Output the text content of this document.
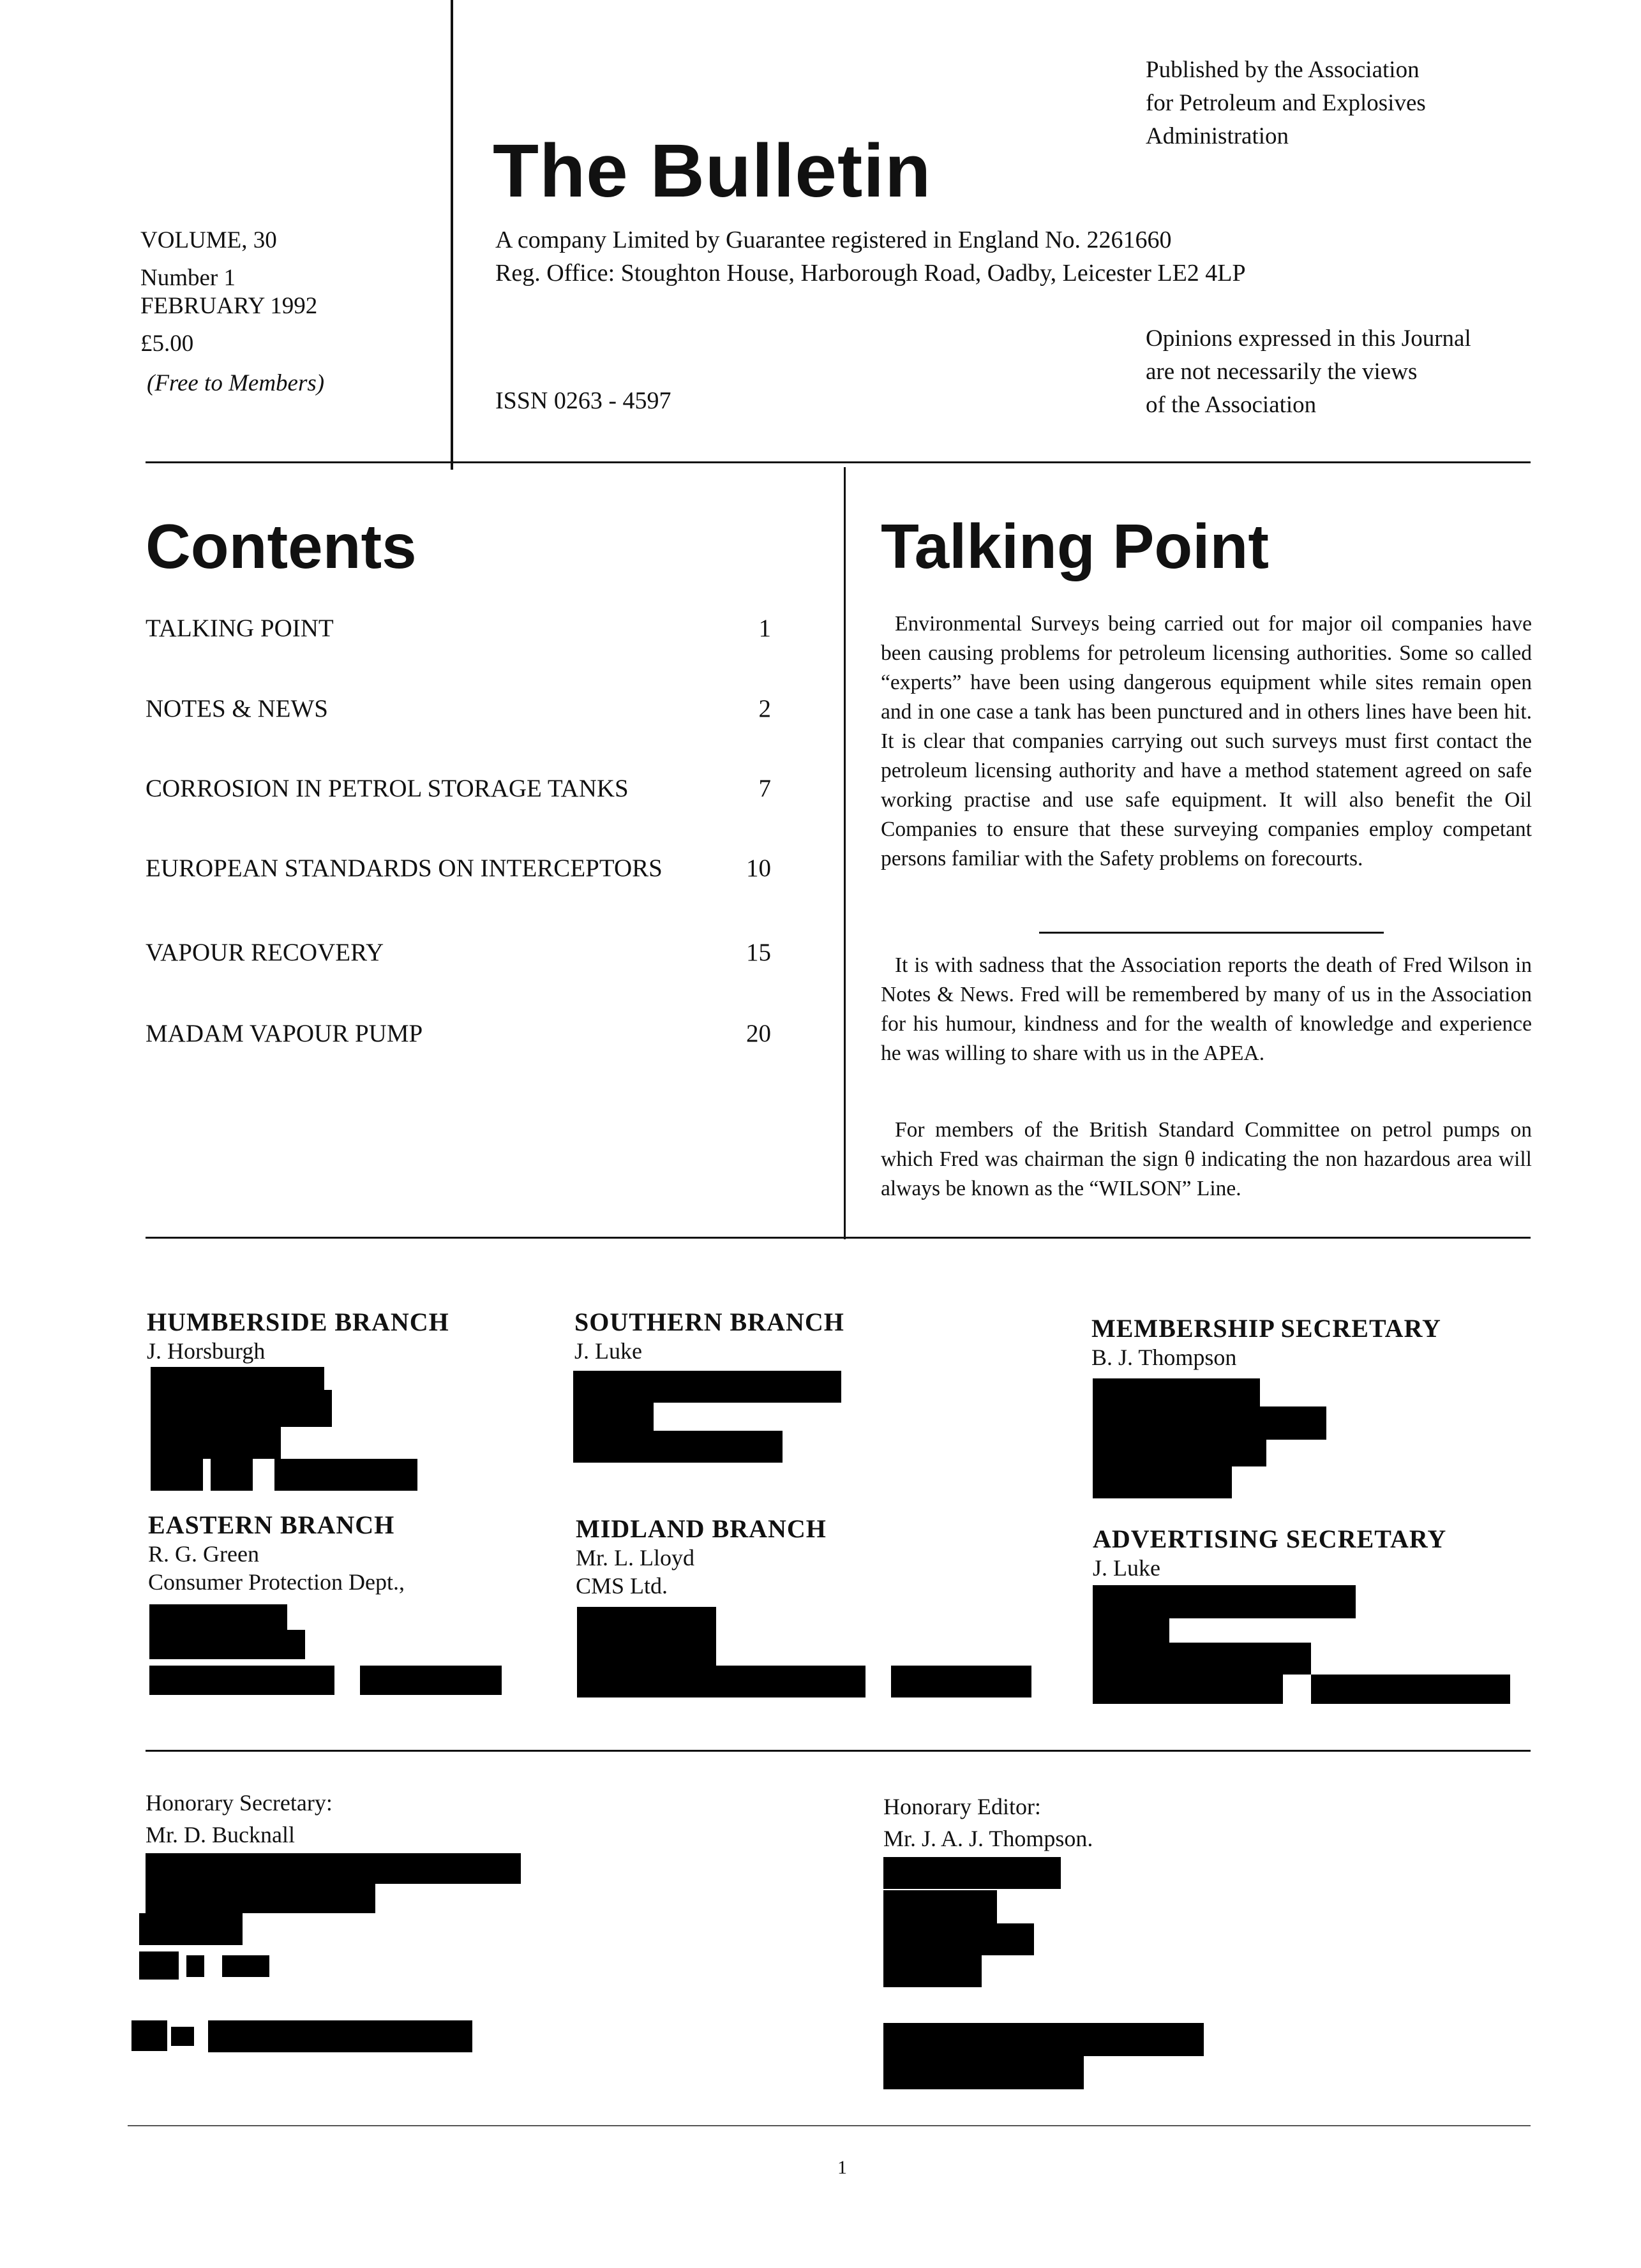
Published by the Association
for Petroleum and Explosives
Administration
The Bulletin
VOLUME, 30
Number 1
FEBRUARY 1992
£5.00
(Free to Members)
A company Limited by Guarantee registered in England No. 2261660
Reg. Office: Stoughton House, Harborough Road, Oadby, Leicester LE2 4LP
Opinions expressed in this Journal
are not necessarily the views
of the Association
ISSN 0263 - 4597
Contents
TALKING POINT	1
NOTES & NEWS	2
CORROSION IN PETROL STORAGE TANKS	7
EUROPEAN STANDARDS ON INTERCEPTORS	10
VAPOUR RECOVERY	15
MADAM VAPOUR PUMP	20
Talking Point

Environmental Surveys being carried out for major oil companies have been causing problems for petroleum licensing authorities. Some so called “experts” have been using dangerous equipment while sites remain open and in one case a tank has been punctured and in others lines have been hit. It is clear that companies carrying out such surveys must first contact the petroleum licensing authority and have a method statement agreed on safe working practise and use safe equipment. It will also benefit the Oil Companies to ensure that these surveying companies employ competant persons familiar with the Safety problems on forecourts.

It is with sadness that the Association reports the death of Fred Wilson in Notes & News. Fred will be remembered by many of us in the Association for his humour, kindness and for the wealth of knowledge and experience he was willing to share with us in the APEA.

For members of the British Standard Committee on petrol pumps on which Fred was chairman the sign θ indicating the non hazardous area will always be known as the “WILSON” Line.

HUMBERSIDE BRANCH
J. Horsburgh
SOUTHERN BRANCH
J. Luke
MEMBERSHIP SECRETARY
B. J. Thompson
EASTERN BRANCH
R. G. Green
Consumer Protection Dept.,
MIDLAND BRANCH
Mr. L. Lloyd
CMS Ltd.
ADVERTISING SECRETARY
J. Luke
Honorary Secretary:
Mr. D. Bucknall
Honorary Editor:
Mr. J. A. J. Thompson.
1
